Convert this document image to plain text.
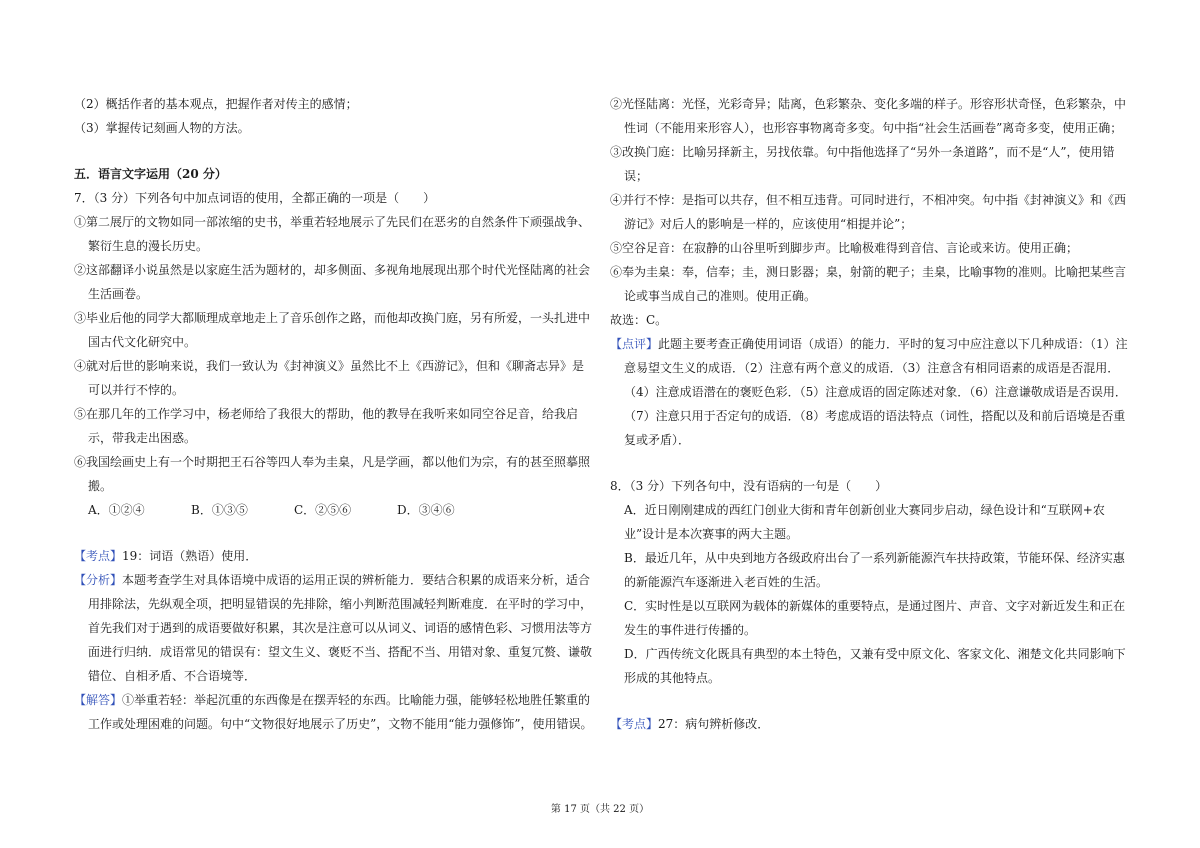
（2）概括作者的基本观点，把握作者对传主的感情；

（3）掌握传记刻画人物的方法。

五．语言文字运用（20 分）

7．（3 分）下列各句中加点词语的使用，全都正确的一项是（　　）

①第二展厅的文物如同一部浓缩的史书，举重若轻地展示了先民们在恶劣的自然条件下顽强战争、繁衍生息的漫长历史。

②这部翻译小说虽然是以家庭生活为题材的，却多侧面、多视角地展现出那个时代光怪陆离的社会生活画卷。

③毕业后他的同学大都顺理成章地走上了音乐创作之路，而他却改换门庭，另有所爱，一头扎进中国古代文化研究中。

④就对后世的影响来说，我们一致认为《封神演义》虽然比不上《西游记》，但和《聊斋志异》是可以并行不悖的。

⑤在那几年的工作学习中，杨老师给了我很大的帮助，他的教导在我听来如同空谷足音，给我启示，带我走出困惑。

⑥我国绘画史上有一个时期把王石谷等四人奉为圭臬，凡是学画，都以他们为宗，有的甚至照摹照搬。

A．①②④	B．①③⑤	C．②⑤⑥	D．③④⑥

【考点】19：词语（熟语）使用．

【分析】本题考查学生对具体语境中成语的运用正误的辨析能力．要结合积累的成语来分析，适合用排除法，先纵观全项，把明显错误的先排除，缩小判断范围减轻判断难度．在平时的学习中，首先我们对于遇到的成语要做好积累，其次是注意可以从词义、词语的感情色彩、习惯用法等方面进行归纳．成语常见的错误有：望文生义、褒贬不当、搭配不当、用错对象、重复冗赘、谦敬错位、自相矛盾、不合语境等．

【解答】①举重若轻：举起沉重的东西像是在摆弄轻的东西。比喻能力强，能够轻松地胜任繁重的工作或处理困难的问题。句中“文物很好地展示了历史”，文物不能用“能力强修饰”，使用错误。

②光怪陆离：光怪，光彩奇异；陆离，色彩繁杂、变化多端的样子。形容形状奇怪，色彩繁杂，中性词（不能用来形容人），也形容事物离奇多变。句中指“社会生活画卷”离奇多变，使用正确；

③改换门庭：比喻另择新主，另找依靠。句中指他选择了“另外一条道路”，而不是“人”，使用错误；

④并行不悖：是指可以共存，但不相互违背。可同时进行，不相冲突。句中指《封神演义》和《西游记》对后人的影响是一样的，应该使用“相提并论”；

⑤空谷足音：在寂静的山谷里听到脚步声。比喻极难得到音信、言论或来访。使用正确；

⑥奉为圭臬：奉，信奉；圭，测日影器；臬，射箭的靶子；圭臬，比喻事物的准则。比喻把某些言论或事当成自己的准则。使用正确。

故选：C。

【点评】此题主要考查正确使用词语（成语）的能力．平时的复习中应注意以下几种成语：（1）注意易望文生义的成语．（2）注意有两个意义的成语．（3）注意含有相同语素的成语是否混用．（4）注意成语潜在的褒贬色彩．（5）注意成语的固定陈述对象．（6）注意谦敬成语是否误用．（7）注意只用于否定句的成语．（8）考虑成语的语法特点（词性，搭配以及和前后语境是否重复或矛盾）．

8．（3 分）下列各句中，没有语病的一句是（　　）

A．近日刚刚建成的西红门创业大街和青年创新创业大赛同步启动，绿色设计和“互联网+农业”设计是本次赛事的两大主题。

B．最近几年，从中央到地方各级政府出台了一系列新能源汽车扶持政策，节能环保、经济实惠的新能源汽车逐渐进入老百姓的生活。

C．实时性是以互联网为载体的新媒体的重要特点，是通过图片、声音、文字对新近发生和正在发生的事件进行传播的。

D．广西传统文化既具有典型的本土特色，又兼有受中原文化、客家文化、湘楚文化共同影响下形成的其他特点。

【考点】27：病句辨析修改．

第 17 页（共 22 页）
